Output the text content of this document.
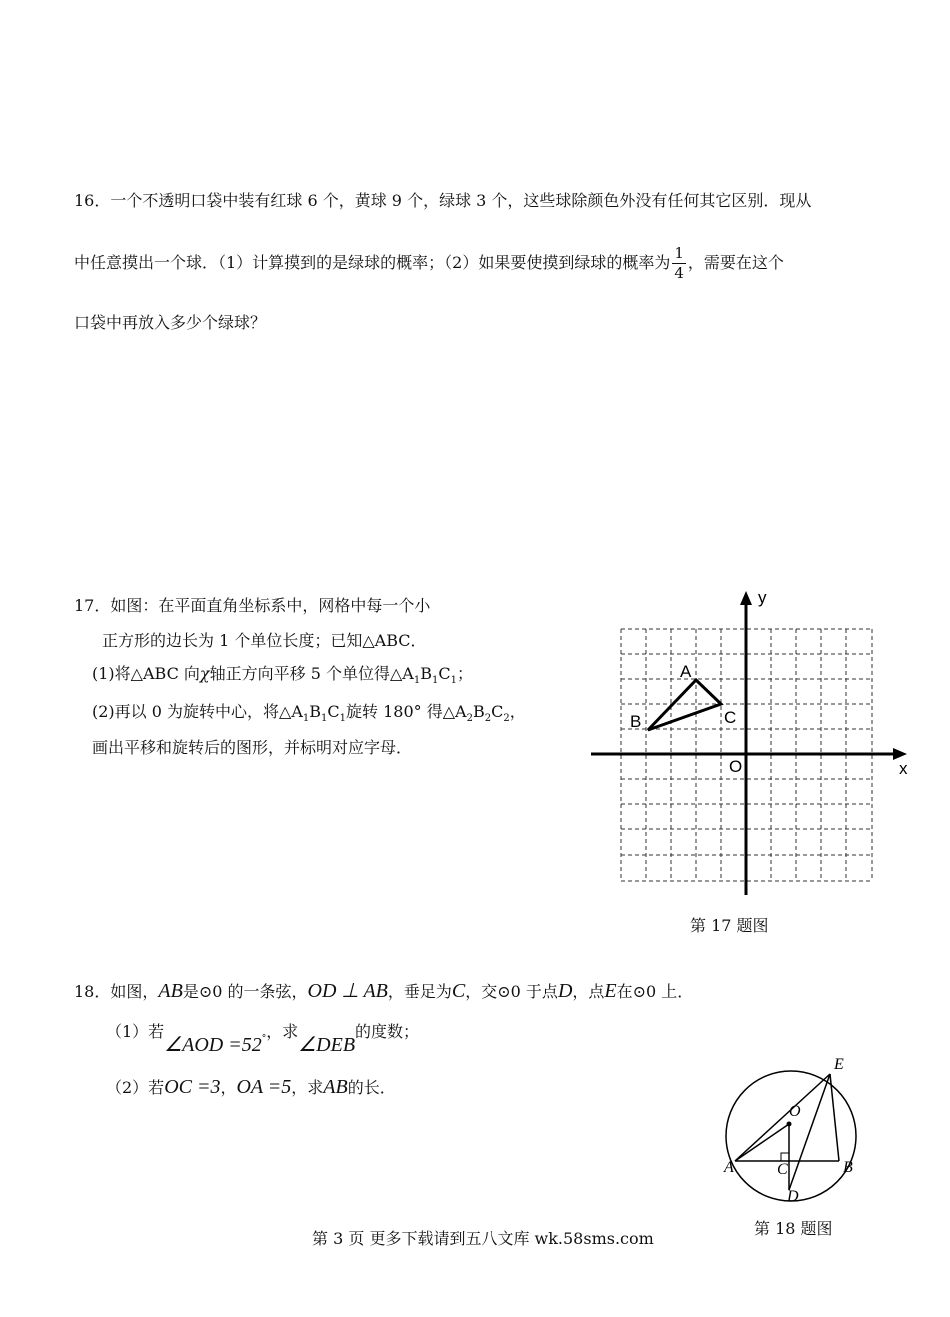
16．一个不透明口袋中装有红球 6 个，黄球 9 个，绿球 3 个，这些球除颜色外没有任何其它区别．现从
中任意摸出一个球．（1）计算摸到的是绿球的概率；（2）如果要使摸到绿球的概率为 $\frac{1}{4}$ ，需要在这个
口袋中再放入多少个绿球？
17．如图：在平面直角坐标系中，网格中每一个小
正方形的边长为 1 个单位长度；已知△ABC．
(1)将△ABC 向χ轴正方向平移 5 个单位得$\triangle A_1B_1C_1$；
(2)再以 0 为旋转中心，将$\triangle A_1B_1C_1$旋转 180° 得$\triangle A_2B_2C_2$，
画出平移和旋转后的图形，并标明对应字母．
y
x
O
A
B	C
第 17 题图
18．如图，AB是⊙0 的一条弦，OD ⊥ AB，垂足为C，交⊙0 于点D，点E在⊙0 上．
（1）若∠AOD =52°，求∠DEB的度数；
（2）若OC =3，OA =5，求AB的长．
O
A	B
C
D
E
第 18 题图
第 3 页 更多下载请到五八文库 wk.58sms.com
